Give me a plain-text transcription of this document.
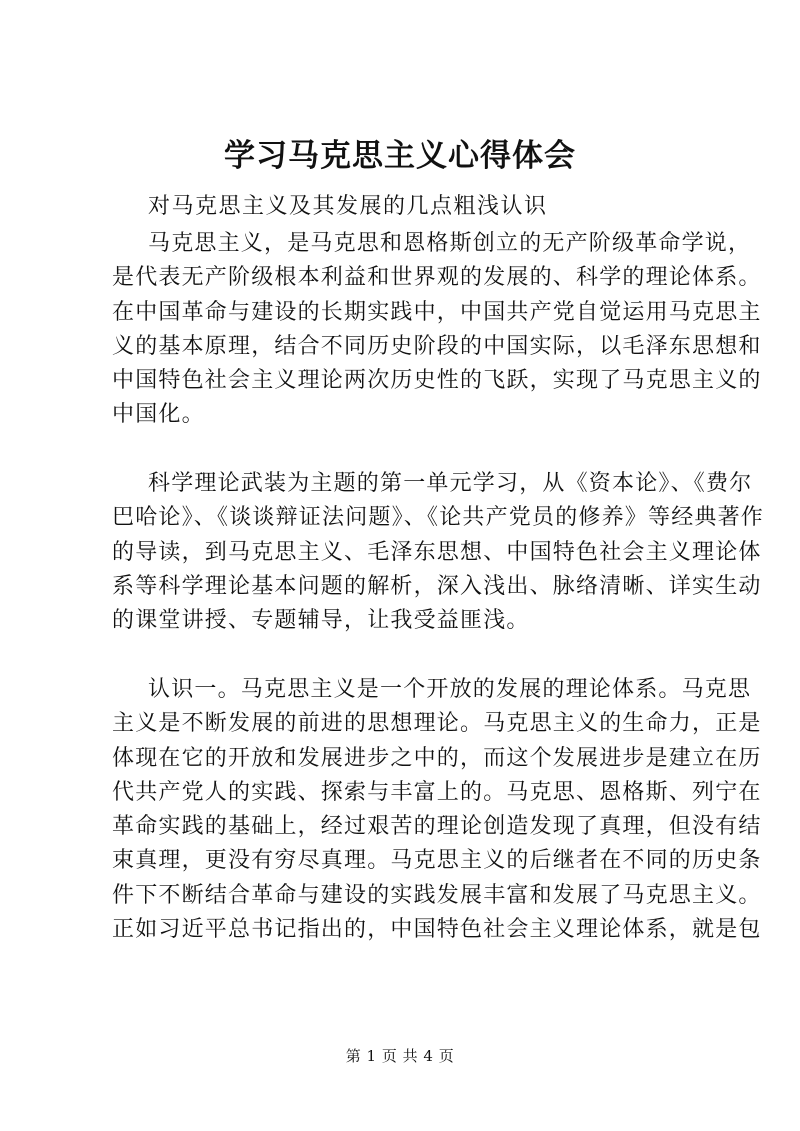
学习马克思主义心得体会
对马克思主义及其发展的几点粗浅认识

马克思主义，是马克思和恩格斯创立的无产阶级革命学说，
是代表无产阶级根本利益和世界观的发展的、科学的理论体系。
在中国革命与建设的长期实践中，中国共产党自觉运用马克思主
义的基本原理，结合不同历史阶段的中国实际，以毛泽东思想和
中国特色社会主义理论两次历史性的飞跃，实现了马克思主义的
中国化。

科学理论武装为主题的第一单元学习，从《资本论》、《费尔
巴哈论》、《谈谈辩证法问题》、《论共产党员的修养》等经典著作
的导读，到马克思主义、毛泽东思想、中国特色社会主义理论体
系等科学理论基本问题的解析，深入浅出、脉络清晰、详实生动
的课堂讲授、专题辅导，让我受益匪浅。

认识一。马克思主义是一个开放的发展的理论体系。马克思
主义是不断发展的前进的思想理论。马克思主义的生命力，正是
体现在它的开放和发展进步之中的，而这个发展进步是建立在历
代共产党人的实践、探索与丰富上的。马克思、恩格斯、列宁在
革命实践的基础上，经过艰苦的理论创造发现了真理，但没有结
束真理，更没有穷尽真理。马克思主义的后继者在不同的历史条
件下不断结合革命与建设的实践发展丰富和发展了马克思主义。
正如习近平总书记指出的，中国特色社会主义理论体系，就是包

第 1 页 共 4 页
